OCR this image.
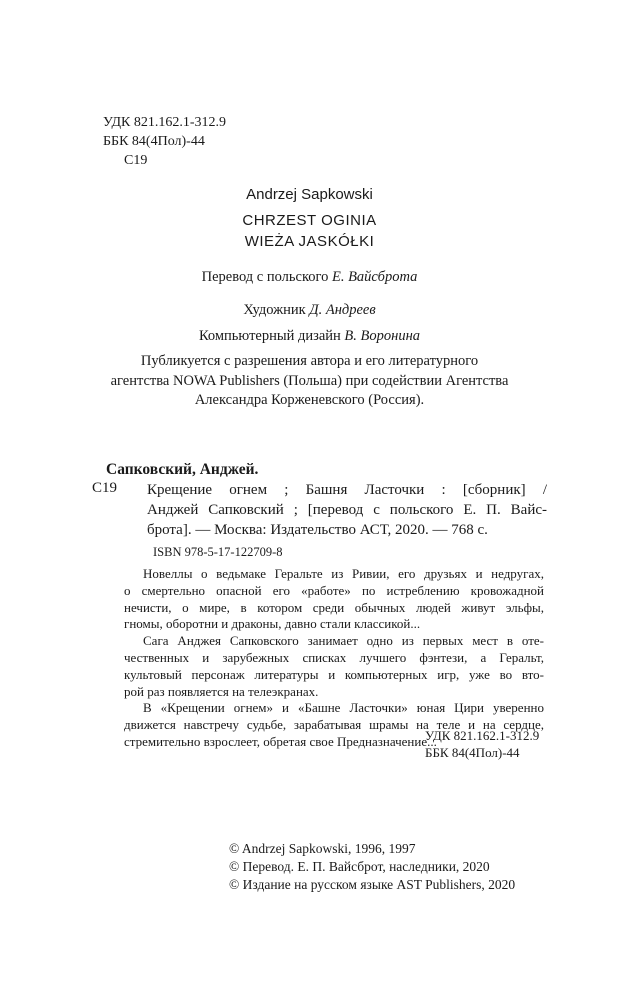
УДК 821.162.1-312.9
ББК 84(4Пол)-44
С19
Andrzej Sapkowski
CHRZEST OGINIA
WIEŻA JASKÓŁKI
Перевод с польского Е. Вайсброта
Художник Д. Андреев
Компьютерный дизайн В. Воронина
Публикуется с разрешения автора и его литературного
агентства NOWA Publishers (Польша) при содействии Агентства
Александра Корженевского (Россия).
Сапковский, Анджей.
С19 Крещение огнем ; Башня Ласточки : [сборник] /
Анджей Сапковский ; [перевод с польского Е. П. Вайс-
брота]. — Москва: Издательство АСТ, 2020. — 768 с.
ISBN 978-5-17-122709-8
Новеллы о ведьмаке Геральте из Ривии, его друзьях и недругах,
о смертельно опасной его «работе» по истреблению кровожадной
нечисти, о мире, в котором среди обычных людей живут эльфы,
гномы, оборотни и драконы, давно стали классикой...
Сага Анджея Сапковского занимает одно из первых мест в оте-
чественных и зарубежных списках лучшего фэнтези, а Геральт,
культовый персонаж литературы и компьютерных игр, уже во вто-
рой раз появляется на телеэкранах.
В «Крещении огнем» и «Башне Ласточки» юная Цири уверенно
движется навстречу судьбе, зарабатывая шрамы на теле и на сердце,
стремительно взрослеет, обретая свое Предназначение...
УДК 821.162.1-312.9
ББК 84(4Пол)-44
© Andrzej Sapkowski, 1996, 1997
© Перевод. Е. П. Вайсброт, наследники, 2020
© Издание на русском языке AST Publishers, 2020
